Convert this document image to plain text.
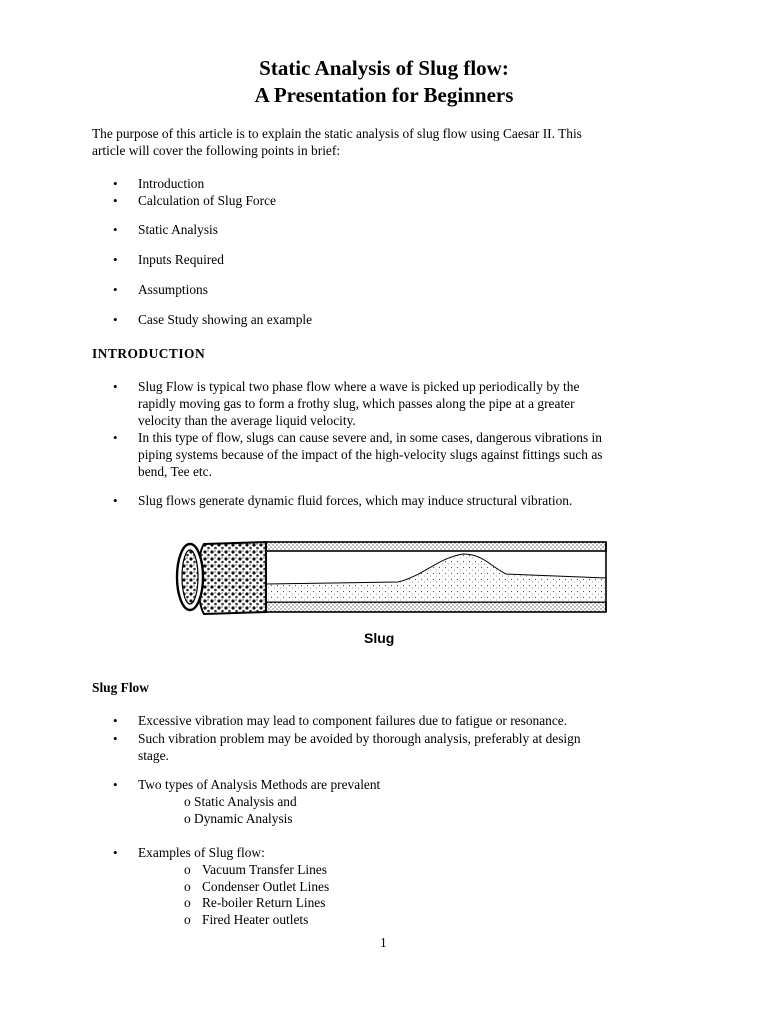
Static Analysis of Slug flow:
A Presentation for Beginners
The purpose of this article is to explain the static analysis of slug flow using Caesar II. This
article will cover the following points in brief:
•
Introduction
•
Calculation of Slug Force
•
Static Analysis
•
Inputs Required
•
Assumptions
•
Case Study showing an example
INTRODUCTION
•
Slug Flow is typical two phase flow where a wave is picked up periodically by the
rapidly moving gas to form a frothy slug, which passes along the pipe at a greater
velocity than the average liquid velocity.
•
In this type of flow, slugs can cause severe and, in some cases, dangerous vibrations in
piping systems because of the impact of the high-velocity slugs against fittings such as
bend, Tee etc.
•
Slug flows generate dynamic fluid forces, which may induce structural vibration.
Slug
Slug Flow
•
Excessive vibration may lead to component failures due to fatigue or resonance.
•
Such vibration problem may be avoided by thorough analysis, preferably at design
stage.
•
Two types of Analysis Methods are prevalent
o Static Analysis and
o Dynamic Analysis
•
Examples of Slug flow:
o Vacuum Transfer Lines
o Condenser Outlet Lines
o Re-boiler Return Lines
o Fired Heater outlets
1
